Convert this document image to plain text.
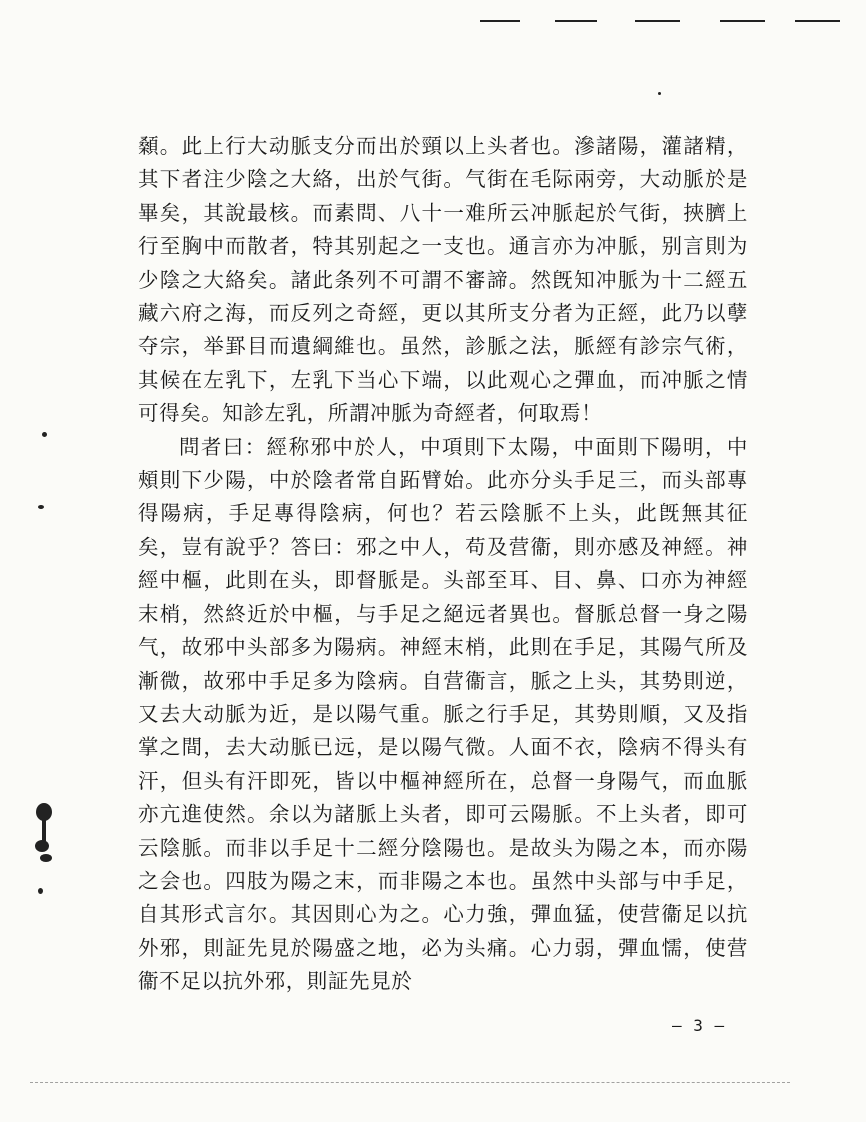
顙。此上行大动脈支分而出於頸以上头者也。滲諸陽，灌諸精，其下者注少陰之大絡，出於气街。气街在毛际兩旁，大动脈於是畢矣，其說最核。而素問、八十一难所云冲脈起於气街，挾臍上行至胸中而散者，特其别起之一支也。通言亦为冲脈，别言則为少陰之大絡矣。諸此条列不可謂不審諦。然旣知冲脈为十二經五藏六府之海，而反列之奇經，更以其所支分者为正經，此乃以孽夺宗，举罫目而遺綱維也。虽然，診脈之法，脈經有診宗气術，其候在左乳下，左乳下当心下端，以此观心之彈血，而冲脈之情可得矣。知診左乳，所謂冲脈为奇經者，何取焉！

問者曰：經称邪中於人，中項則下太陽，中面則下陽明，中頰則下少陽，中於陰者常自跖臂始。此亦分头手足三，而头部專得陽病，手足專得陰病，何也？若云陰脈不上头，此旣無其征矣，豈有說乎？答曰：邪之中人，苟及营衞，則亦感及神經。神經中樞，此則在头，即督脈是。头部至耳、目、鼻、口亦为神經末梢，然終近於中樞，与手足之絕远者異也。督脈总督一身之陽气，故邪中头部多为陽病。神經末梢，此則在手足，其陽气所及漸微，故邪中手足多为陰病。自营衞言，脈之上头，其势則逆，又去大动脈为近，是以陽气重。脈之行手足，其势則順，又及指掌之間，去大动脈已远，是以陽气微。人面不衣，陰病不得头有汗，但头有汗即死，皆以中樞神經所在，总督一身陽气，而血脈亦亢進使然。余以为諸脈上头者，即可云陽脈。不上头者，即可云陰脈。而非以手足十二經分陰陽也。是故头为陽之本，而亦陽之会也。四肢为陽之末，而非陽之本也。虽然中头部与中手足，自其形式言尔。其因則心为之。心力強，彈血猛，使营衞足以抗外邪，則証先見於陽盛之地，必为头痛。心力弱，彈血懦，使营衞不足以抗外邪，則証先見於

— 3 —
